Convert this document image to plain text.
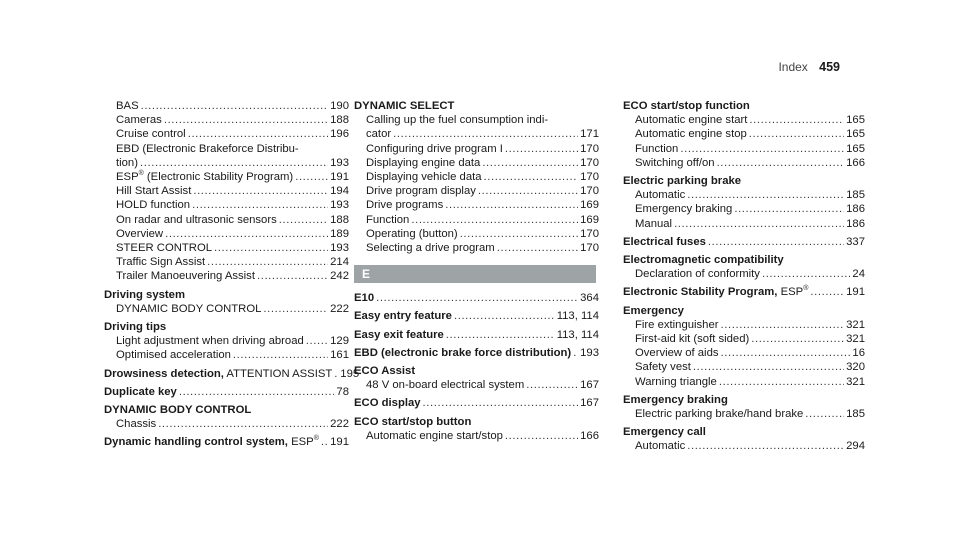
Index 459
BAS .....	190
Cameras .....	188
Cruise control .....	196
EBD (Electronic Brakeforce Distribu-
tion) .....	193
ESP® (Electronic Stability Program) .....	191
Hill Start Assist .....	194
HOLD function .....	193
On radar and ultrasonic sensors .....	188
Overview .....	189
STEER CONTROL .....	193
Traffic Sign Assist .....	214
Trailer Manoeuvering Assist .....	242
Driving system
DYNAMIC BODY CONTROL .....	222
Driving tips
Light adjustment when driving abroad ..... 129
Optimised acceleration .....	161
Drowsiness detection, ATTENTION ASSIST ..... 195
Duplicate key .....	78
DYNAMIC BODY CONTROL
Chassis .....	222
Dynamic handling control system, ESP® ..... 191
DYNAMIC SELECT
Calling up the fuel consumption indi-
cator .....	171
Configuring drive program I .....	170
Displaying engine data .....	170
Displaying vehicle data .....	170
Drive program display .....	170
Drive programs .....	169
Function .....	169
Operating (button) .....	170
Selecting a drive program .....	170
E
E10 .....	364
Easy entry feature .....	113, 114
Easy exit feature .....	113, 114
EBD (electronic brake force distribution) ..... 193
ECO Assist
48 V on-board electrical system .....	167
ECO display .....	167
ECO start/stop button
Automatic engine start/stop .....	166
ECO start/stop function
Automatic engine start .....	165
Automatic engine stop .....	165
Function .....	165
Switching off/on .....	166
Electric parking brake
Automatic .....	185
Emergency braking .....	186
Manual .....	186
Electrical fuses .....	337
Electromagnetic compatibility
Declaration of conformity .....	24
Electronic Stability Program, ESP® .....	191
Emergency
Fire extinguisher .....	321
First-aid kit (soft sided) .....	321
Overview of aids .....	16
Safety vest .....	320
Warning triangle .....	321
Emergency braking
Electric parking brake/hand brake .....	185
Emergency call
Automatic .....	294
